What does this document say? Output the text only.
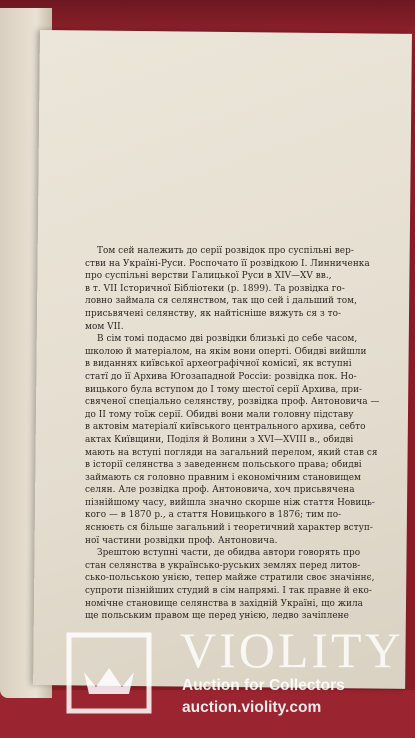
Том сей належить до серії розвідок про суспільні вер-
стви на Україні-Руси. Роспочато її розвідкою І. Линниченка
про суспільні верстви Галицької Руси в XIV—XV вв.,
в т. VII Історичної Бібліотеки (р. 1899). Та розвідка го-
ловно займала ся селянством, так що сей і дальший том,
присьвячені селянству, як найтісніше вяжуть ся з то-
мом VII.
В сім томі подасмо дві розвідки близькі до себе часом,
школою й матеріалом, на якім вони оперті. Обидві вийшли
в виданнях київської археографічної комісиї, як вступні
статї до її Архива Югозападной Россіи: розвідка пок. Но-
вицького була вступом до І тому шестої серії Архива, при-
свяченої спеціально селянству, розвідка проф. Антоновича —
до II тому тоїж серії. Обидві вони мали головну підставу
в актовім матеріалї київського центрального архива, себто
актах Київщини, Поділя й Волини з XVI—XVIII в., обидві
мають на вступі погляди на загальний перелом, який став ся
в історії селянства з заведеннєм польського права; обидві
займають ся головно правним і економічним становищем
селян. Але розвідка проф. Антоновича, хоч присьвячена
пізнійшому часу, вийшла значно скорше ніж стаття Новиць-
кого — в 1870 р., а стаття Новицького в 1876; тим по-
яснюєть ся більше загальний і теоретичний характер вступ-
ної частини розвідки проф. Антоновича.
Зрештою вступні части, де обидва автори говорять про
стан селянства в українсько-руських землях перед литов-
сько-польською унією, тепер майже стратили своє значіннє,
супроти пізнійших студий в сім напрямі. І так правне й еко-
номічне становище селянства в західній Україні, що жила
ще польським правом ще перед унією, ледво зачіплене
VIOLITY
Auction for Collectors
auction.violity.com
